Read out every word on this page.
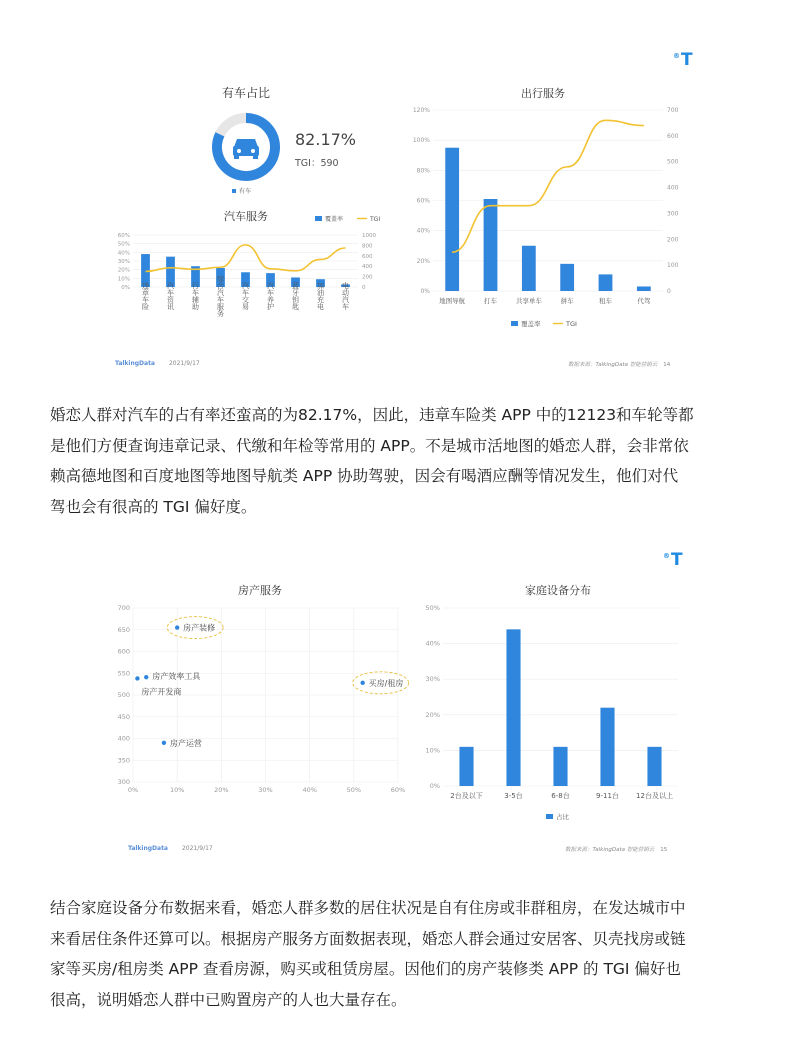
®T
有车占比
82.17%
TGI：590
有车
汽车服务
60%
50%
40%
30%
20%
10%
0%
1000
800
600
400
200
0
违章车险 汽车资讯 行车辅助 综合汽车服务 汽车交易 汽车养护 蓝牙钥匙 加油充电 电动汽车
覆盖率	TGI
出行服务
120%
100%
80%
60%
40%
20%
0%
700
600
500
400
300
200
100
0
地图导航	打车	共享单车	拼车	租车	代驾
覆盖率	TGI
TalkingData 2021/9/17	数据来源：TalkingData 智能营销云 14
婚恋人群对汽车的占有率还蛮高的为82.17%，因此，违章车险类 APP 中的12123和车轮等都
是他们方便查询违章记录、代缴和年检等常用的 APP。不是城市活地图的婚恋人群，会非常依
赖高德地图和百度地图等地图导航类 APP 协助驾驶，因会有喝酒应酬等情况发生，他们对代
驾也会有很高的 TGI 偏好度。
®T
房产服务
700
650
600
550
500
450
400
350
300
0%	10%	20%	30%	40%	50%	60%
房产装修
房产效率工具
房产开发商
买房/租房
房产运营
家庭设备分布
50%
40%
30%
20%
10%
0%
2台及以下	3-5台	6-8台	9-11台 12台及以上
占比
TalkingData 2021/9/17	数据来源：TalkingData 智能营销云 15
结合家庭设备分布数据来看，婚恋人群多数的居住状况是自有住房或非群租房，在发达城市中
来看居住条件还算可以。根据房产服务方面数据表现，婚恋人群会通过安居客、贝壳找房或链
家等买房/租房类 APP 查看房源，购买或租赁房屋。因他们的房产装修类 APP 的 TGI 偏好也
很高，说明婚恋人群中已购置房产的人也大量存在。
